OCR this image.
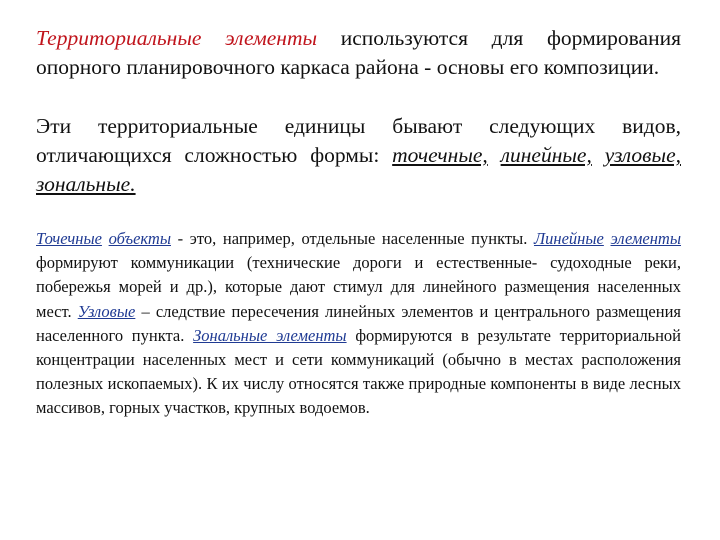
Территориальные элементы используются для формирования опорного планировочного каркаса района - основы его композиции.

Эти территориальные единицы бывают следующих видов, отличающихся сложностью формы: точечные, линейные, узловые, зональные.

Точечные объекты - это, например, отдельные населенные пункты. Линейные элементы формируют коммуникации (технические дороги и естественные- судоходные реки, побережья морей и др.), которые дают стимул для линейного размещения населенных мест. Узловые – следствие пересечения линейных элементов и центрального размещения населенного пункта. Зональные элементы формируются в результате территориальной концентрации населенных мест и сети коммуникаций (обычно в местах расположения полезных ископаемых). К их числу относятся также природные компоненты в виде лесных массивов, горных участков, крупных водоемов.
